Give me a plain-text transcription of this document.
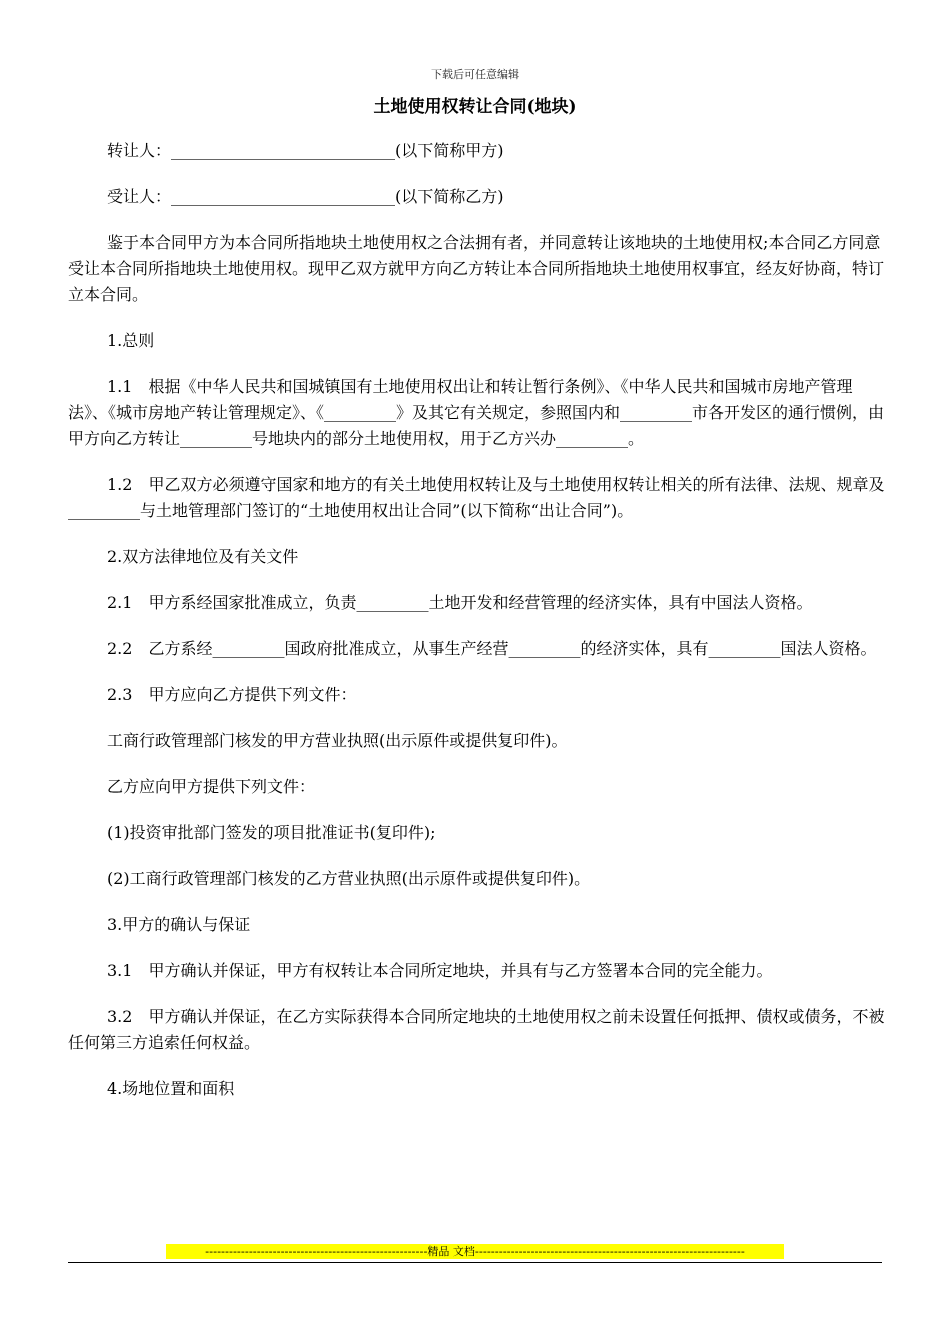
下载后可任意编辑
土地使用权转让合同(地块)

转让人：____________________________(以下简称甲方)

受让人：____________________________(以下简称乙方)

鉴于本合同甲方为本合同所指地块土地使用权之合法拥有者，并同意转让该地块的土地使用权;本合同乙方同意受让本合同所指地块土地使用权。现甲乙双方就甲方向乙方转让本合同所指地块土地使用权事宜，经友好协商，特订立本合同。

1.总则

1.1　根据《中华人民共和国城镇国有土地使用权出让和转让暂行条例》、《中华人民共和国城市房地产管理法》、《城市房地产转让管理规定》、《_________》及其它有关规定，参照国内和_________市各开发区的通行惯例，由甲方向乙方转让_________号地块内的部分土地使用权，用于乙方兴办_________。

1.2　甲乙双方必须遵守国家和地方的有关土地使用权转让及与土地使用权转让相关的所有法律、法规、规章及_________与土地管理部门签订的“土地使用权出让合同”(以下简称“出让合同”)。

2.双方法律地位及有关文件

2.1　甲方系经国家批准成立，负责_________土地开发和经营管理的经济实体，具有中国法人资格。

2.2　乙方系经_________国政府批准成立，从事生产经营_________的经济实体，具有_________国法人资格。

2.3　甲方应向乙方提供下列文件：

工商行政管理部门核发的甲方营业执照(出示原件或提供复印件)。

乙方应向甲方提供下列文件：

(1)投资审批部门签发的项目批准证书(复印件);

(2)工商行政管理部门核发的乙方营业执照(出示原件或提供复印件)。

3.甲方的确认与保证

3.1　甲方确认并保证，甲方有权转让本合同所定地块，并具有与乙方签署本合同的完全能力。

3.2　甲方确认并保证，在乙方实际获得本合同所定地块的土地使用权之前未设置任何抵押、债权或债务，不被任何第三方追索任何权益。

4.场地位置和面积

--------------------------------------------------------精品 文档--------------------------------------------------------------------
